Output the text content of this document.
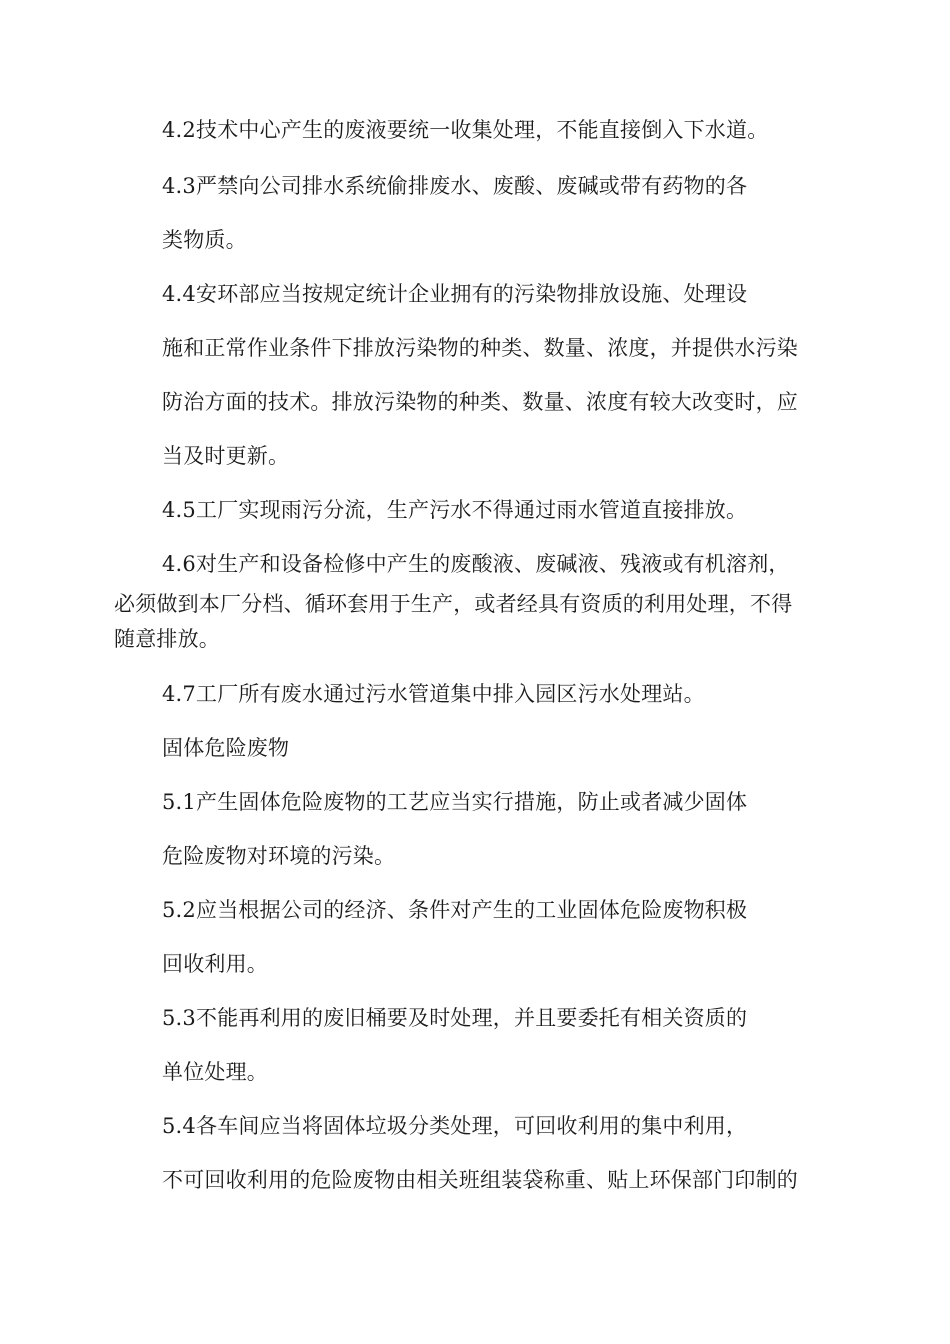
4.2技术中心产生的废液要统一收集处理，不能直接倒入下水道。
4.3严禁向公司排水系统偷排废水、废酸、废碱或带有药物的各
类物质。
4.4安环部应当按规定统计企业拥有的污染物排放设施、处理设
施和正常作业条件下排放污染物的种类、数量、浓度，并提供水污染
防治方面的技术。排放污染物的种类、数量、浓度有较大改变时，应
当及时更新。
4.5工厂实现雨污分流，生产污水不得通过雨水管道直接排放。
4.6对生产和设备检修中产生的废酸液、废碱液、残液或有机溶剂，
必须做到本厂分档、循环套用于生产，或者经具有资质的利用处理，不得
随意排放。
4.7工厂所有废水通过污水管道集中排入园区污水处理站。
固体危险废物
5.1产生固体危险废物的工艺应当实行措施，防止或者减少固体
危险废物对环境的污染。
5.2应当根据公司的经济、条件对产生的工业固体危险废物积极
回收利用。
5.3不能再利用的废旧桶要及时处理，并且要委托有相关资质的
单位处理。
5.4各车间应当将固体垃圾分类处理，可回收利用的集中利用，
不可回收利用的危险废物由相关班组装袋称重、贴上环保部门印制的
